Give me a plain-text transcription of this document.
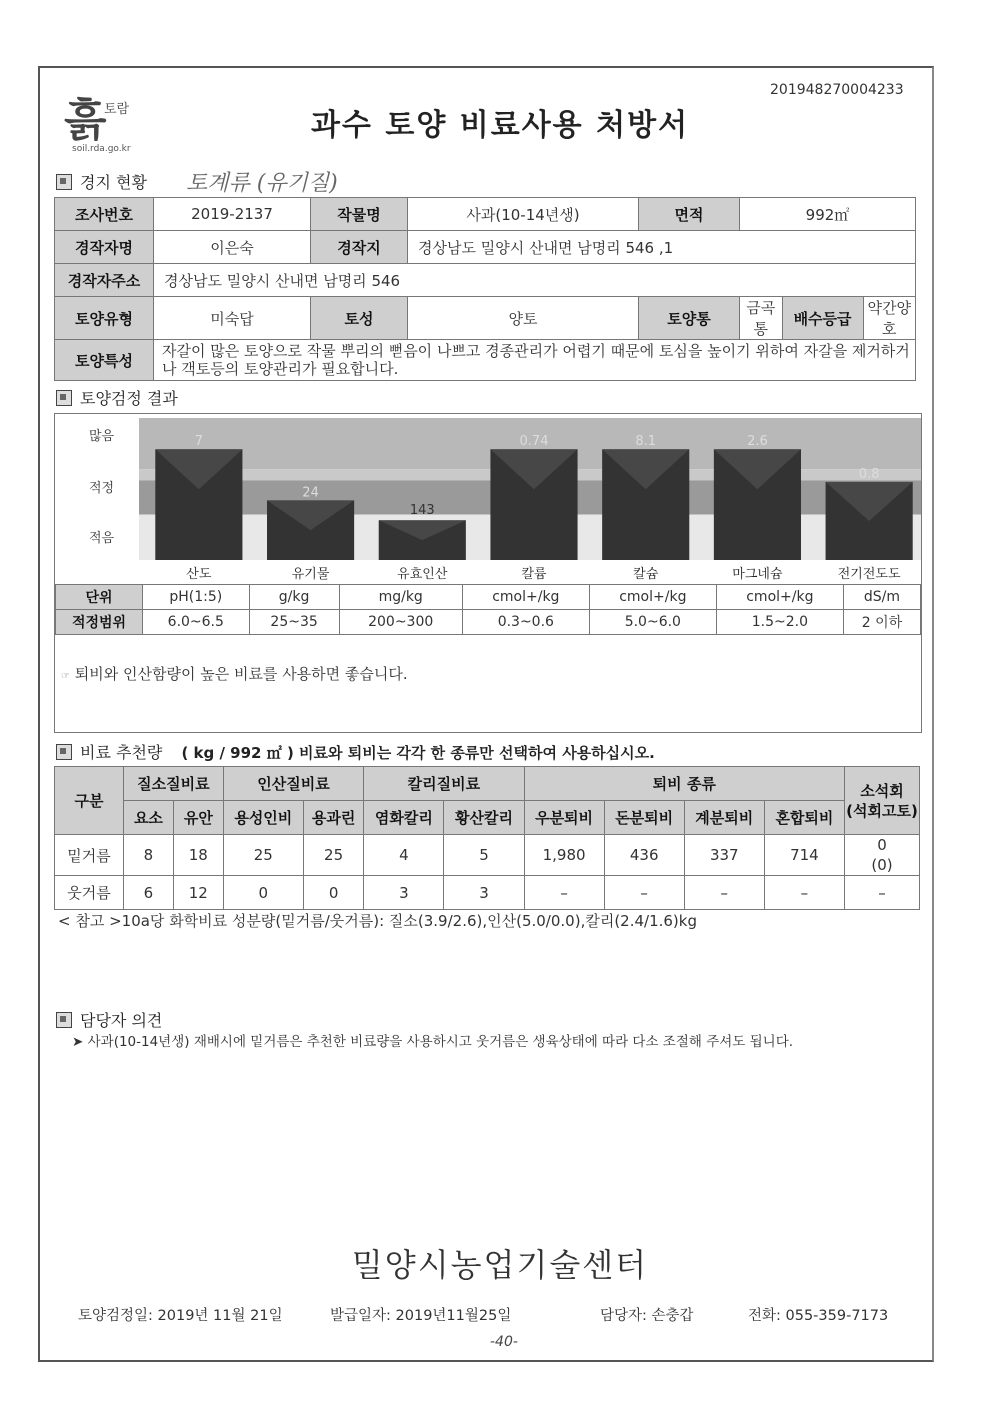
201948270004233
흙
토람
soil.rda.go.kr
과수 토양 비료사용 처방서
경지 현황 토계류 (유기질)
조사번호	2019-2137	작물명	사과(10-14년생)	면적	992㎡		
경작자명	이은숙	경작지	경상남도 밀양시 산내면 남명리 546 ,1				
경작자주소	경상남도 밀양시 산내면 남명리 546						
토양유형	미숙답	토성	양토	토양통	금곡통	배수등급	약간양호
토양특성	자갈이 많은 토양으로 작물 뿌리의 뻗음이 나쁘고 경종관리가 어렵기 때문에 토심을 높이기 위하여 자갈을 제거하거나 객토등의 토양관리가 필요합니다.						
토양검정 결과
많음
적정
적음
7
산도
24
유기물
143
유효인산
0.74
칼륨
8.1
칼슘
2.6
마그네슘
0.8
전기전도도
단위	pH(1:5)	g/kg	mg/kg	cmol+/kg	cmol+/kg	cmol+/kg	dS/m
적정범위	6.0~6.5	25~35	200~300	0.3~0.6	5.0~6.0	1.5~2.0	2 이하
☞ 퇴비와 인산함량이 높은 비료를 사용하면 좋습니다.
비료 추천량 ( kg / 992 ㎡ ) 비료와 퇴비는 각각 한 종류만 선택하여 사용하십시오.
구분	질소질비료		인산질비료		칼리질비료		퇴비 종류				소석회
(석회고토)
	요소	유안	용성인비	용과린	염화칼리	황산칼리	우분퇴비	돈분퇴비	계분퇴비	혼합퇴비	
밑거름	8	18	25	25	4	5	1,980	436	337	714	0
(0)
웃거름	6	12	0	0	3	3	–	–	–	–	–
< 참고 >10a당 화학비료 성분량(밑거름/웃거름): 질소(3.9/2.6),인산(5.0/0.0),칼리(2.4/1.6)kg
담당자 의견
➤ 사과(10-14년생) 재배시에 밑거름은 추천한 비료량을 사용하시고 웃거름은 생육상태에 따라 다소 조절해 주셔도 됩니다.
밀양시농업기술센터
토양검정일: 2019년 11월 21일	발급일자: 2019년11월25일	담당자: 손충갑	전화: 055-359-7173
-40-
